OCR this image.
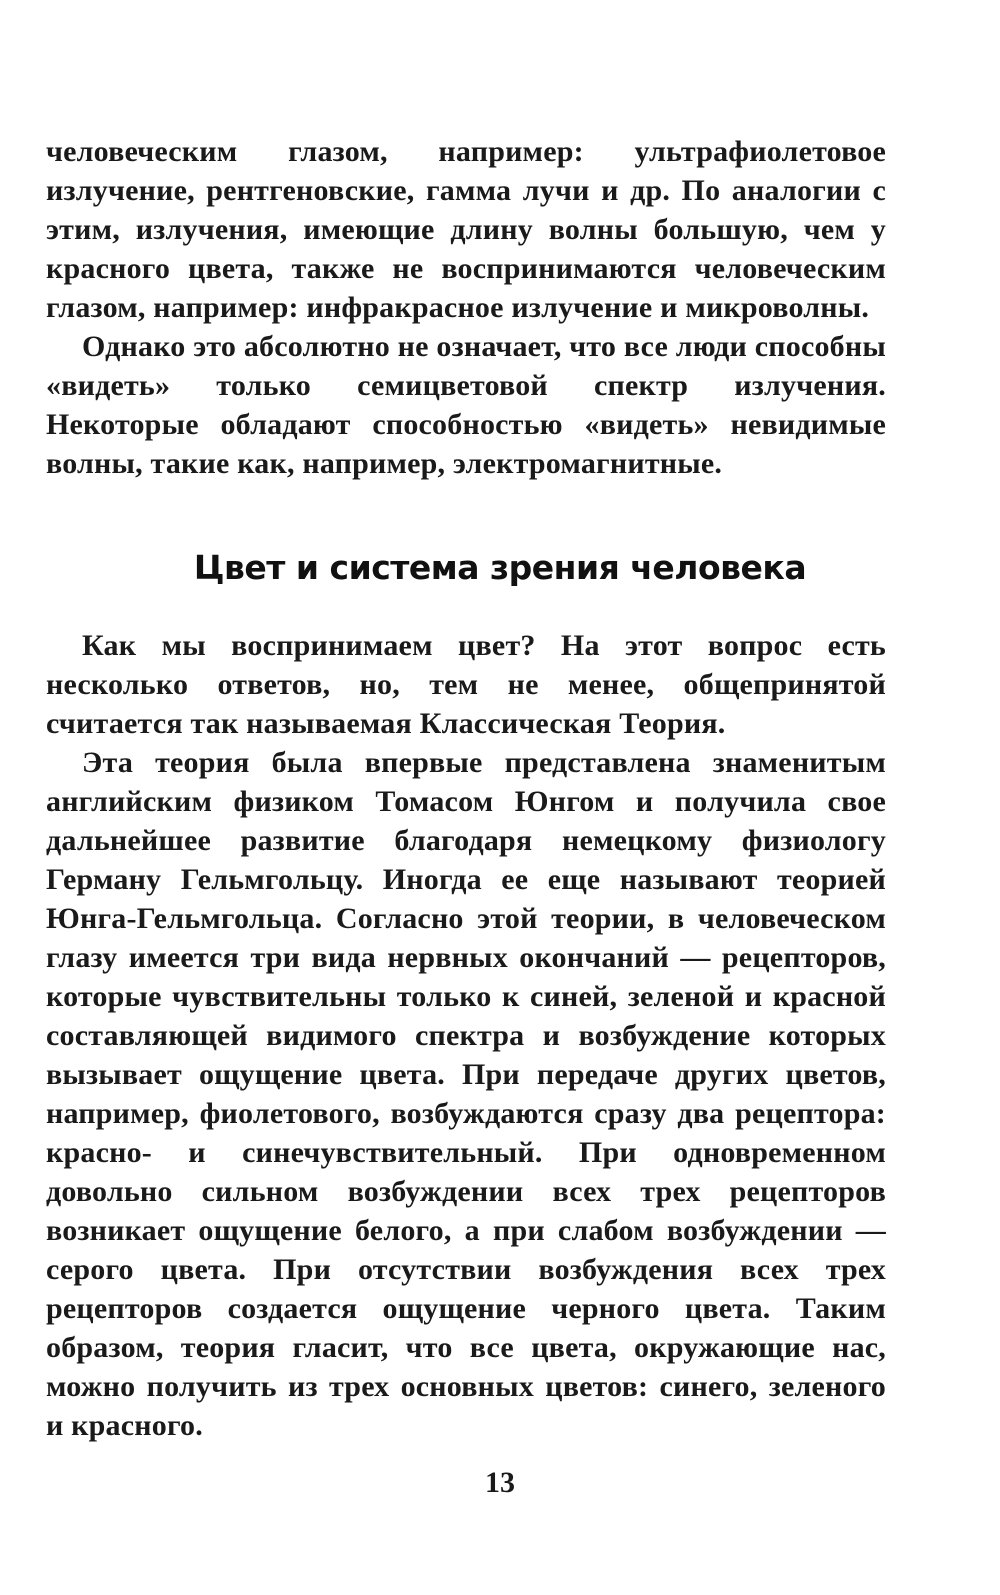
человеческим глазом, например: ультрафиолетовое излучение, рентгеновские, гамма лучи и др. По аналогии с этим, излучения, имеющие длину волны большую, чем у красного цвета, также не воспринимаются человеческим глазом, например: инфракрасное излучение и микроволны.

Однако это абсолютно не означает, что все люди способны «видеть» только семицветовой спектр излучения. Некоторые обладают способностью «видеть» невидимые волны, такие как, например, электромагнитные.

Цвет и система зрения человека

Как мы воспринимаем цвет? На этот вопрос есть несколько ответов, но, тем не менее, общепринятой считается так называемая Классическая Теория.

Эта теория была впервые представлена знаменитым английским физиком Томасом Юнгом и получила свое дальнейшее развитие благодаря немецкому физиологу Герману Гельмгольцу. Иногда ее еще называют теорией Юнга-Гельмгольца. Согласно этой теории, в человеческом глазу имеется три вида нервных окончаний — рецепторов, которые чувствительны только к синей, зеленой и красной составляющей видимого спектра и возбуждение которых вызывает ощущение цвета. При передаче других цветов, например, фиолетового, возбуждаются сразу два рецептора: красно- и синечувствительный. При одновременном довольно сильном возбуждении всех трех рецепторов возникает ощущение белого, а при слабом возбуждении — серого цвета. При отсутствии возбуждения всех трех рецепторов создается ощущение черного цвета. Таким образом, теория гласит, что все цвета, окружающие нас, можно получить из трех основных цветов: синего, зеленого и красного.

13
